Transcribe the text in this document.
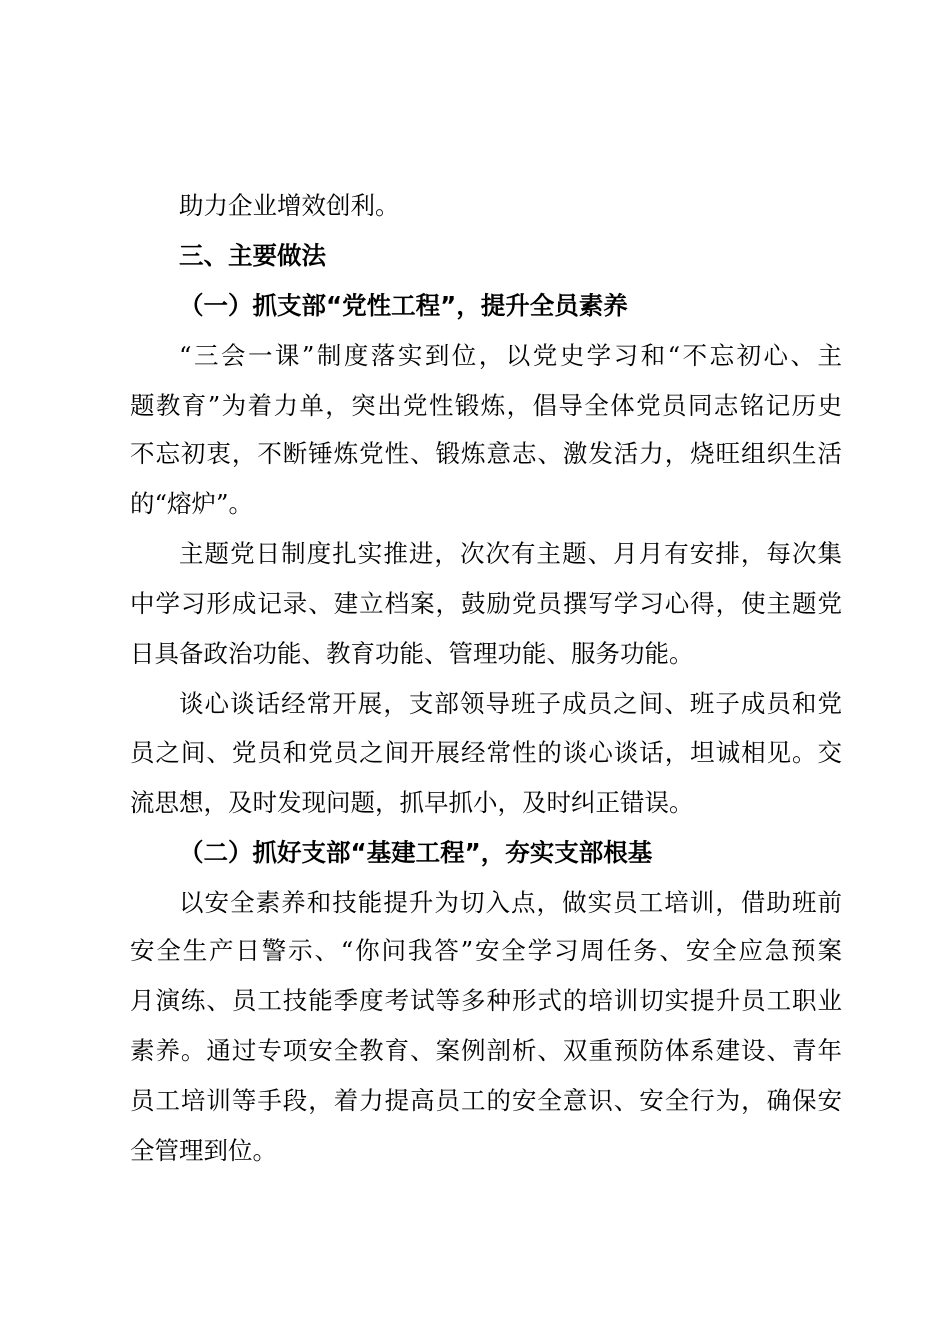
助力企业增效创利。
三、主要做法
（一）抓支部“党性工程”，提升全员素养
“三会一课”制度落实到位，以党史学习和“不忘初心、主
题教育”为着力单，突出党性锻炼，倡导全体党员同志铭记历史
不忘初衷，不断锤炼党性、锻炼意志、激发活力，烧旺组织生活
的“熔炉”。
主题党日制度扎实推进，次次有主题、月月有安排，每次集
中学习形成记录、建立档案，鼓励党员撰写学习心得，使主题党
日具备政治功能、教育功能、管理功能、服务功能。
谈心谈话经常开展，支部领导班子成员之间、班子成员和党
员之间、党员和党员之间开展经常性的谈心谈话，坦诚相见。交
流思想，及时发现问题，抓早抓小，及时纠正错误。
（二）抓好支部“基建工程”，夯实支部根基
以安全素养和技能提升为切入点，做实员工培训，借助班前
安全生产日警示、“你问我答”安全学习周任务、安全应急预案
月演练、员工技能季度考试等多种形式的培训切实提升员工职业
素养。通过专项安全教育、案例剖析、双重预防体系建设、青年
员工培训等手段，着力提高员工的安全意识、安全行为，确保安
全管理到位。
